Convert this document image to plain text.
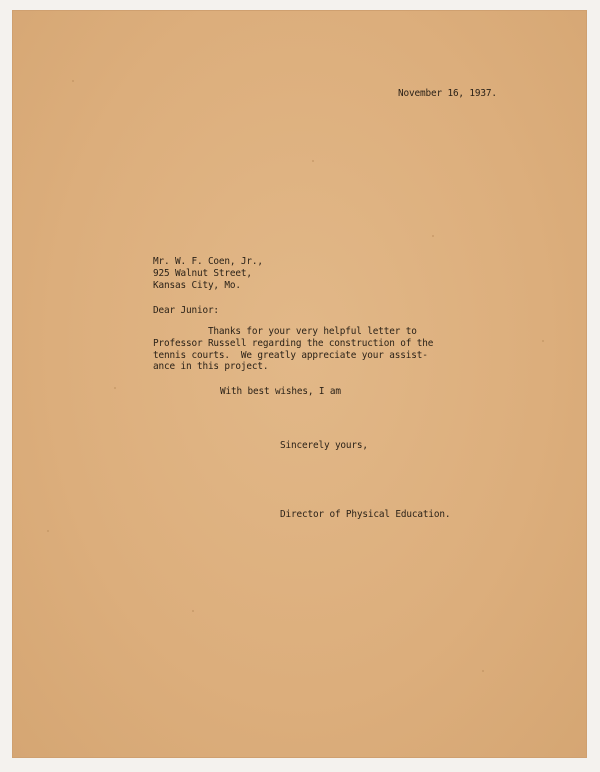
November 16, 1937.
Mr. W. F. Coen, Jr.,
925 Walnut Street,
Kansas City, Mo.
Dear Junior:
Thanks for your very helpful letter to
Professor Russell regarding the construction of the
tennis courts.  We greatly appreciate your assist-
ance in this project.
With best wishes, I am
Sincerely yours,
Director of Physical Education.
